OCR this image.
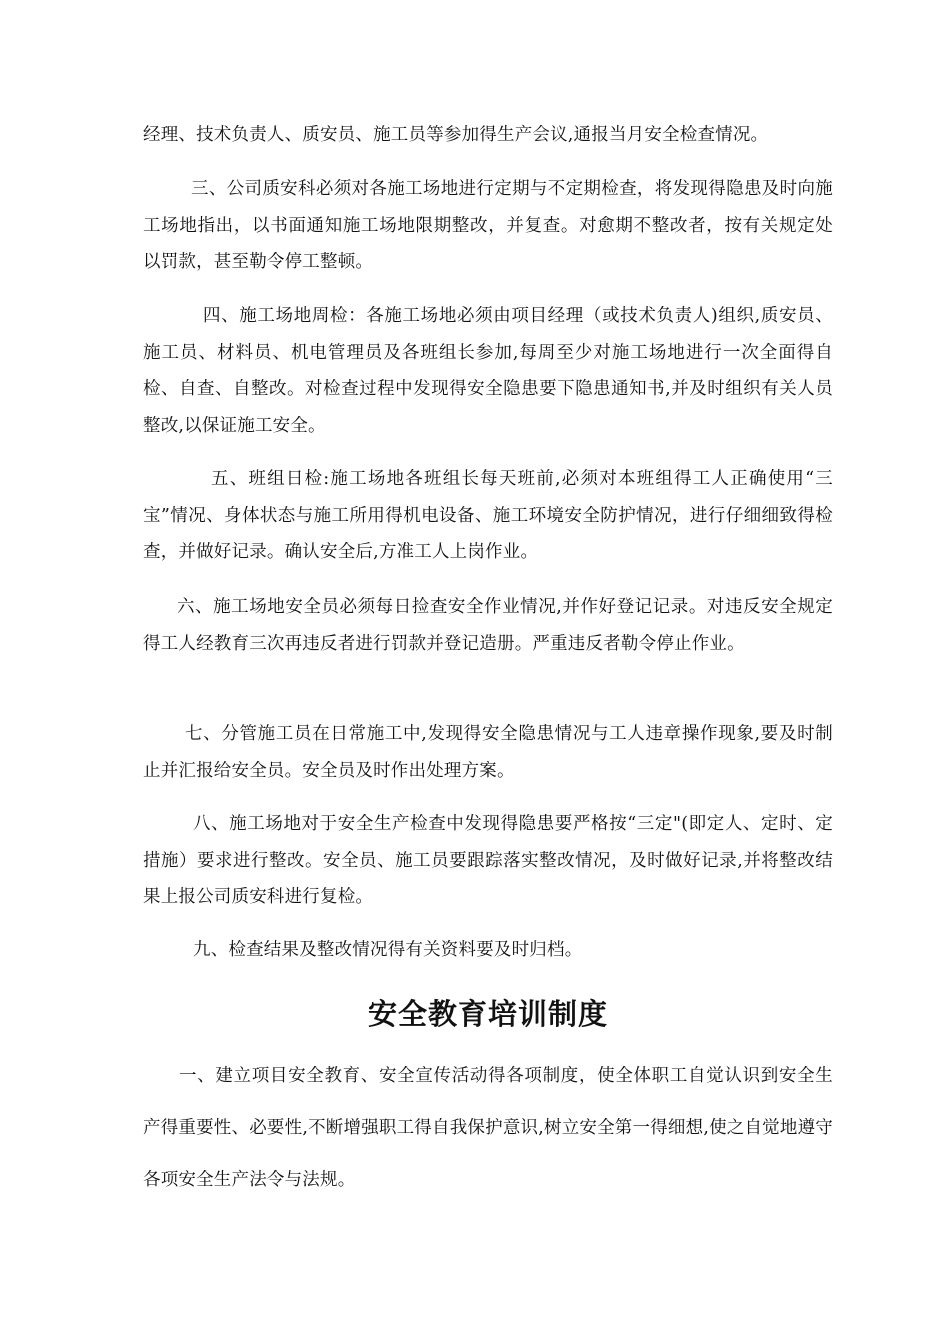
经理、技术负责人、质安员、施工员等参加得生产会议,通报当月安全检查情况。

三、公司质安科必须对各施工场地进行定期与不定期检查，将发现得隐患及时向施工场地指出，以书面通知施工场地限期整改，并复查。对愈期不整改者，按有关规定处以罚款，甚至勒令停工整顿。

四、施工场地周检：各施工场地必须由项目经理（或技术负责人)组织,质安员、施工员、材料员、机电管理员及各班组长参加,每周至少对施工场地进行一次全面得自检、自查、自整改。对检查过程中发现得安全隐患要下隐患通知书,并及时组织有关人员整改,以保证施工安全。

五、班组日检:施工场地各班组长每天班前,必须对本班组得工人正确使用“三宝”情况、身体状态与施工所用得机电设备、施工环境安全防护情况，进行仔细细致得检查，并做好记录。确认安全后,方准工人上岗作业。

六、施工场地安全员必须每日捡查安全作业情况,并作好登记记录。对违反安全规定得工人经教育三次再违反者进行罚款并登记造册。严重违反者勒令停止作业。

七、分管施工员在日常施工中,发现得安全隐患情况与工人违章操作现象,要及时制止并汇报给安全员。安全员及时作出处理方案。

八、施工场地对于安全生产检查中发现得隐患要严格按“三定"(即定人、定时、定措施）要求进行整改。安全员、施工员要跟踪落实整改情况，及时做好记录,并将整改结果上报公司质安科进行复检。

九、检查结果及整改情况得有关资料要及时归档。

安全教育培训制度

一、建立项目安全教育、安全宣传活动得各项制度，使全体职工自觉认识到安全生产得重要性、必要性,不断增强职工得自我保护意识,树立安全第一得细想,使之自觉地遵守各项安全生产法令与法规。
